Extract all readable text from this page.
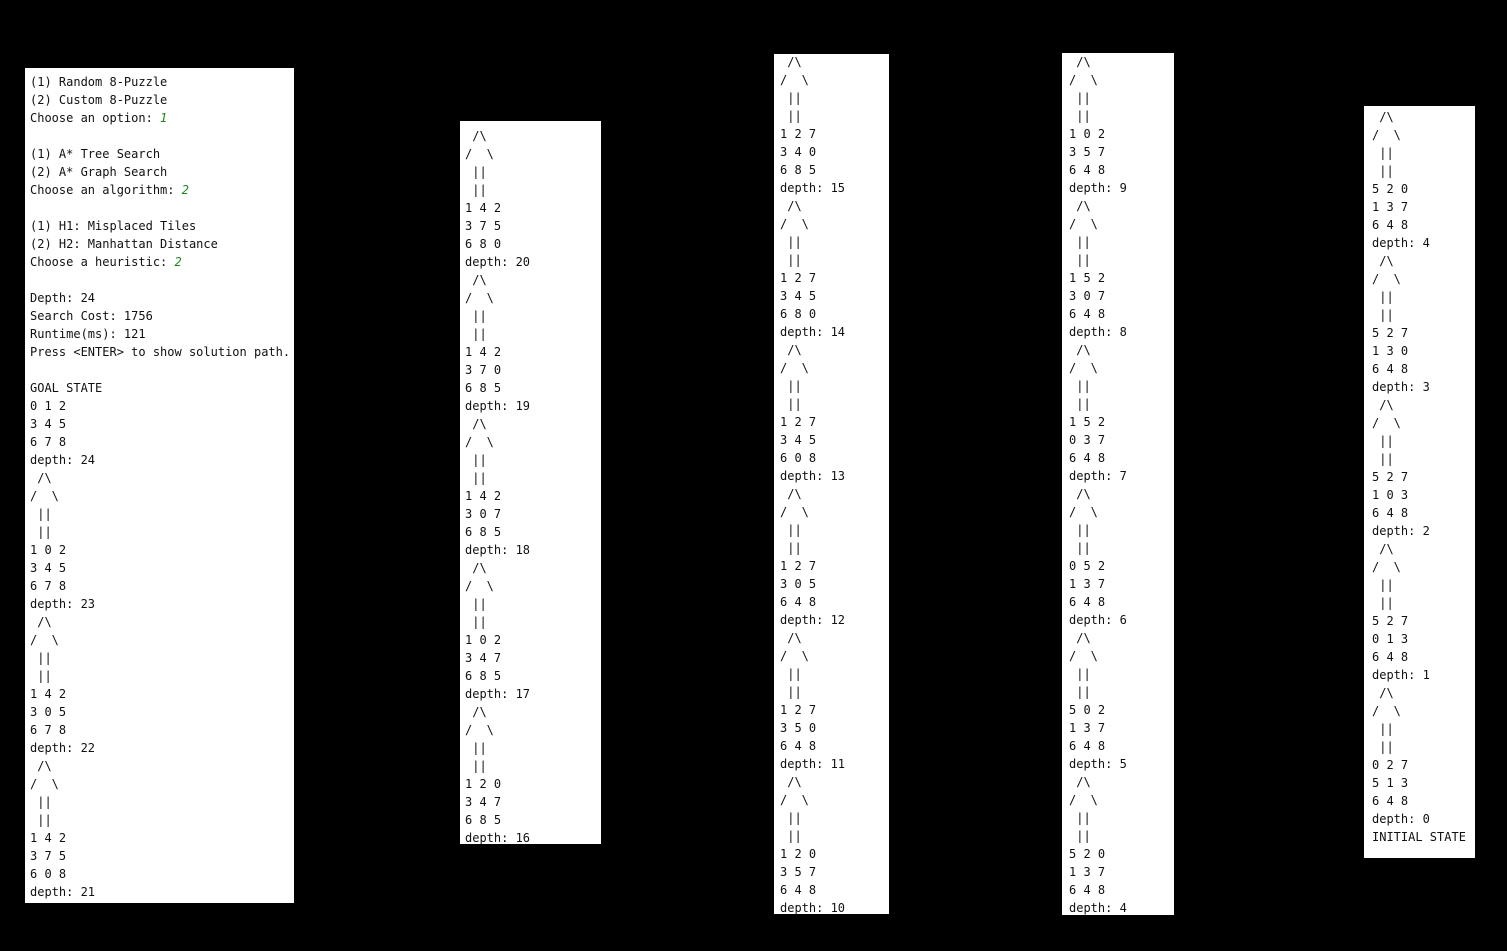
(1) Random 8-Puzzle
(2) Custom 8-Puzzle
Choose an option: 1
(1) A* Tree Search
(2) A* Graph Search
Choose an algorithm: 2
(1) H1: Misplaced Tiles
(2) H2: Manhattan Distance
Choose a heuristic: 2
Depth: 24
Search Cost: 1756
Runtime(ms): 121
Press <ENTER> to show solution path.
GOAL STATE
0 1 2
3 4 5
6 7 8
depth: 24
/\
/  \
||
||
1 0 2
3 4 5
6 7 8
depth: 23
/\
/  \
||
||
1 4 2
3 0 5
6 7 8
depth: 22
/\
/  \
||
||
1 4 2
3 7 5
6 0 8
depth: 21
/\
/  \
||
||
1 4 2
3 7 5
6 8 0
depth: 20
/\
/  \
||
||
1 4 2
3 7 0
6 8 5
depth: 19
/\
/  \
||
||
1 4 2
3 0 7
6 8 5
depth: 18
/\
/  \
||
||
1 0 2
3 4 7
6 8 5
depth: 17
/\
/  \
||
||
1 2 0
3 4 7
6 8 5
depth: 16
/\
/  \
||
||
1 2 7
3 4 0
6 8 5
depth: 15
/\
/  \
||
||
1 2 7
3 4 5
6 8 0
depth: 14
/\
/  \
||
||
1 2 7
3 4 5
6 0 8
depth: 13
/\
/  \
||
||
1 2 7
3 0 5
6 4 8
depth: 12
/\
/  \
||
||
1 2 7
3 5 0
6 4 8
depth: 11
/\
/  \
||
||
1 2 0
3 5 7
6 4 8
depth: 10
/\
/  \
||
||
1 0 2
3 5 7
6 4 8
depth: 9
/\
/  \
||
||
1 5 2
3 0 7
6 4 8
depth: 8
/\
/  \
||
||
1 5 2
0 3 7
6 4 8
depth: 7
/\
/  \
||
||
0 5 2
1 3 7
6 4 8
depth: 6
/\
/  \
||
||
5 0 2
1 3 7
6 4 8
depth: 5
/\
/  \
||
||
5 2 0
1 3 7
6 4 8
depth: 4
/\
/  \
||
||
5 2 0
1 3 7
6 4 8
depth: 4
/\
/  \
||
||
5 2 7
1 3 0
6 4 8
depth: 3
/\
/  \
||
||
5 2 7
1 0 3
6 4 8
depth: 2
/\
/  \
||
||
5 2 7
0 1 3
6 4 8
depth: 1
/\
/  \
||
||
0 2 7
5 1 3
6 4 8
depth: 0
INITIAL STATE
